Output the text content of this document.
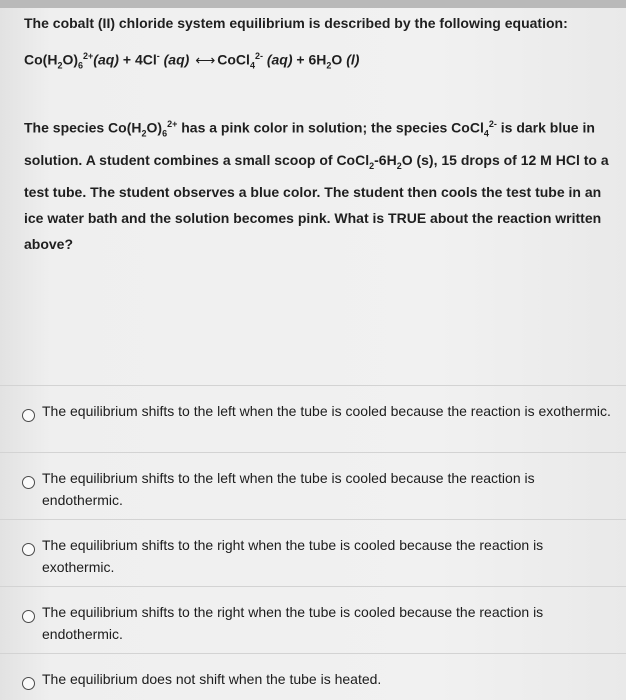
The cobalt (II) chloride system equilibrium is described by the following equation:

$Co(H_2O)_6^{2+}(aq) + 4Cl^-$ (aq) ⟷ CoCl$_4^{2-}$ $(aq) + 6H_2O$ (l)
The species $Co(H_2O)_6^{2+}$ has a pink color in solution; the species CoCl$_4^{2-}$ is dark blue in solution. A student combines a small scoop of $CoCl_2-6H_2O$ (s), 15 drops of 12 M HCl to a test tube. The student observes a blue color. The student then cools the test tube in an ice water bath and the solution becomes pink. What is TRUE about the reaction written above?
The equilibrium shifts to the left when the tube is cooled because the reaction is exothermic.
The equilibrium shifts to the left when the tube is cooled because the reaction is endothermic.
The equilibrium shifts to the right when the tube is cooled because the reaction is exothermic.
The equilibrium shifts to the right when the tube is cooled because the reaction is endothermic.
The equilibrium does not shift when the tube is heated.
